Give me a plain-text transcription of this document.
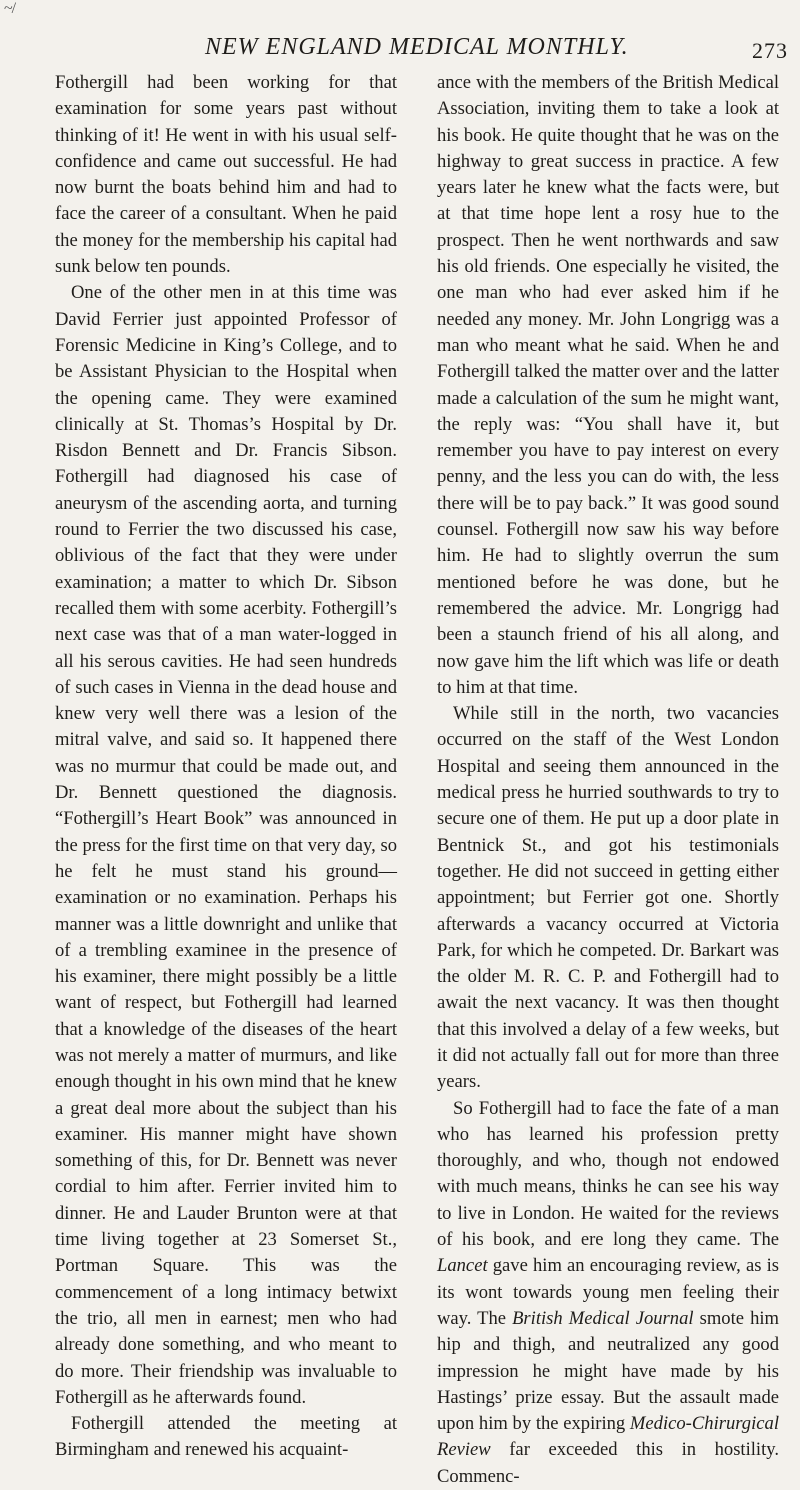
~/
NEW ENGLAND MEDICAL MONTHLY.	273

Fothergill had been working for that examination for some years past without thinking of it! He went in with his usual self-confidence and came out successful. He had now burnt the boats behind him and had to face the career of a consultant. When he paid the money for the membership his capital had sunk below ten pounds.

One of the other men in at this time was David Ferrier just appointed Professor of Forensic Medicine in King’s College, and to be Assistant Physician to the Hospital when the opening came. They were examined clinically at St. Thomas’s Hospital by Dr. Risdon Bennett and Dr. Francis Sibson. Fothergill had diagnosed his case of aneurysm of the ascending aorta, and turning round to Ferrier the two discussed his case, oblivious of the fact that they were under examination; a matter to which Dr. Sibson recalled them with some acerbity. Fothergill’s next case was that of a man water-logged in all his serous cavities. He had seen hundreds of such cases in Vienna in the dead house and knew very well there was a lesion of the mitral valve, and said so. It happened there was no murmur that could be made out, and Dr. Bennett questioned the diagnosis. “Fothergill’s Heart Book” was announced in the press for the first time on that very day, so he felt he must stand his ground—examination or no examination. Perhaps his manner was a little downright and unlike that of a trembling examinee in the presence of his examiner, there might possibly be a little want of respect, but Fothergill had learned that a knowledge of the diseases of the heart was not merely a matter of murmurs, and like enough thought in his own mind that he knew a great deal more about the subject than his examiner. His manner might have shown something of this, for Dr. Bennett was never cordial to him after. Ferrier invited him to dinner. He and Lauder Brunton were at that time living together at 23 Somerset St., Portman Square. This was the commencement of a long intimacy betwixt the trio, all men in earnest; men who had already done something, and who meant to do more. Their friendship was invaluable to Fothergill as he afterwards found.

Fothergill attended the meeting at Birmingham and renewed his acquaint-

ance with the members of the British Medical Association, inviting them to take a look at his book. He quite thought that he was on the highway to great success in practice. A few years later he knew what the facts were, but at that time hope lent a rosy hue to the prospect. Then he went northwards and saw his old friends. One especially he visited, the one man who had ever asked him if he needed any money. Mr. John Longrigg was a man who meant what he said. When he and Fothergill talked the matter over and the latter made a calculation of the sum he might want, the reply was: “You shall have it, but remember you have to pay interest on every penny, and the less you can do with, the less there will be to pay back.” It was good sound counsel. Fothergill now saw his way before him. He had to slightly overrun the sum mentioned before he was done, but he remembered the advice. Mr. Longrigg had been a staunch friend of his all along, and now gave him the lift which was life or death to him at that time.

While still in the north, two vacancies occurred on the staff of the West London Hospital and seeing them announced in the medical press he hurried southwards to try to secure one of them. He put up a door plate in Bentnick St., and got his testimonials together. He did not succeed in getting either appointment; but Ferrier got one. Shortly afterwards a vacancy occurred at Victoria Park, for which he competed. Dr. Barkart was the older M. R. C. P. and Fothergill had to await the next vacancy. It was then thought that this involved a delay of a few weeks, but it did not actually fall out for more than three years.

So Fothergill had to face the fate of a man who has learned his profession pretty thoroughly, and who, though not endowed with much means, thinks he can see his way to live in London. He waited for the reviews of his book, and ere long they came. The Lancet gave him an encouraging review, as is its wont towards young men feeling their way. The British Medical Journal smote him hip and thigh, and neutralized any good impression he might have made by his Hastings’ prize essay. But the assault made upon him by the expiring Medico-Chirurgical Review far exceeded this in hostility. Commenc-
